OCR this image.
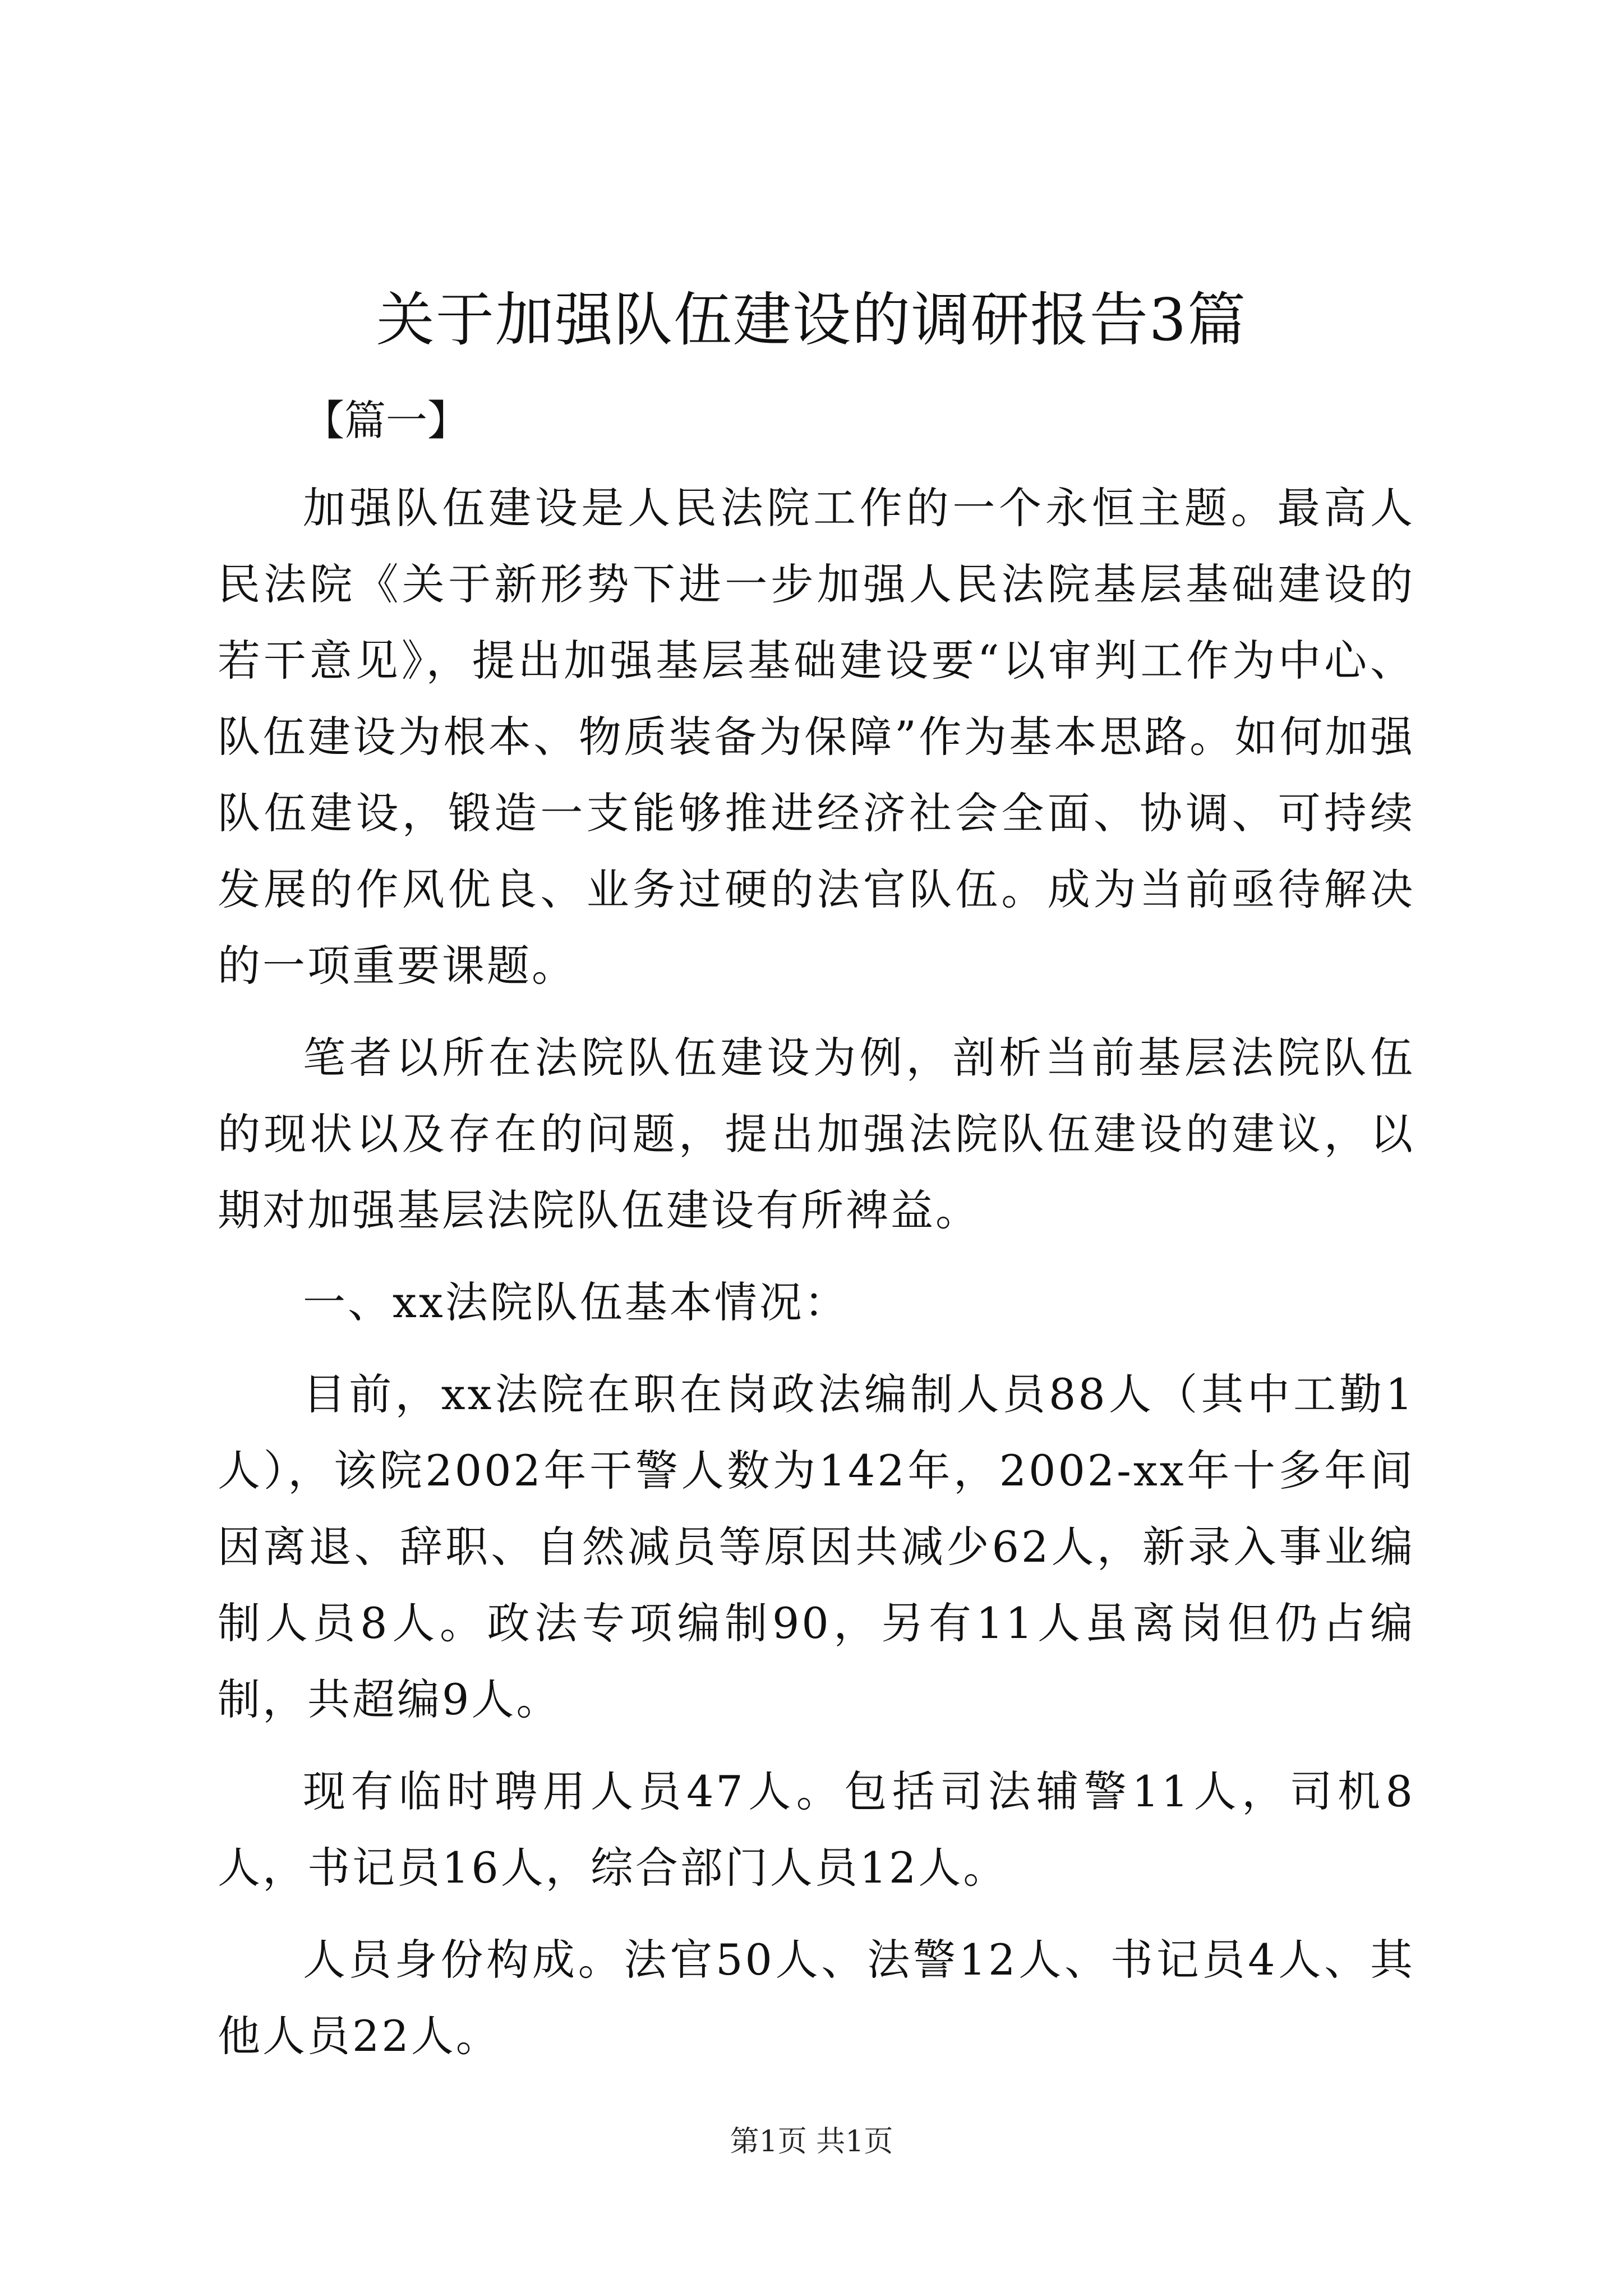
关于加强队伍建设的调研报告3篇
【篇一】

加强队伍建设是人民法院工作的一个永恒主题。最高人民法院《关于新形势下进一步加强人民法院基层基础建设的若干意见》，提出加强基层基础建设要“以审判工作为中心、队伍建设为根本、物质装备为保障”作为基本思路。如何加强队伍建设，锻造一支能够推进经济社会全面、协调、可持续发展的作风优良、业务过硬的法官队伍。成为当前亟待解决的一项重要课题。

笔者以所在法院队伍建设为例，剖析当前基层法院队伍的现状以及存在的问题，提出加强法院队伍建设的建议，以期对加强基层法院队伍建设有所裨益。

一、xx法院队伍基本情况：

目前，xx法院在职在岗政法编制人员88人（其中工勤1人），该院2002年干警人数为142年，2002-xx年十多年间因离退、辞职、自然减员等原因共减少62人，新录入事业编制人员8人。政法专项编制90，另有11人虽离岗但仍占编制，共超编9人。

现有临时聘用人员47人。包括司法辅警11人，司机8人，书记员16人，综合部门人员12人。

人员身份构成。法官50人、法警12人、书记员4人、其他人员22人。

第1页 共1页
